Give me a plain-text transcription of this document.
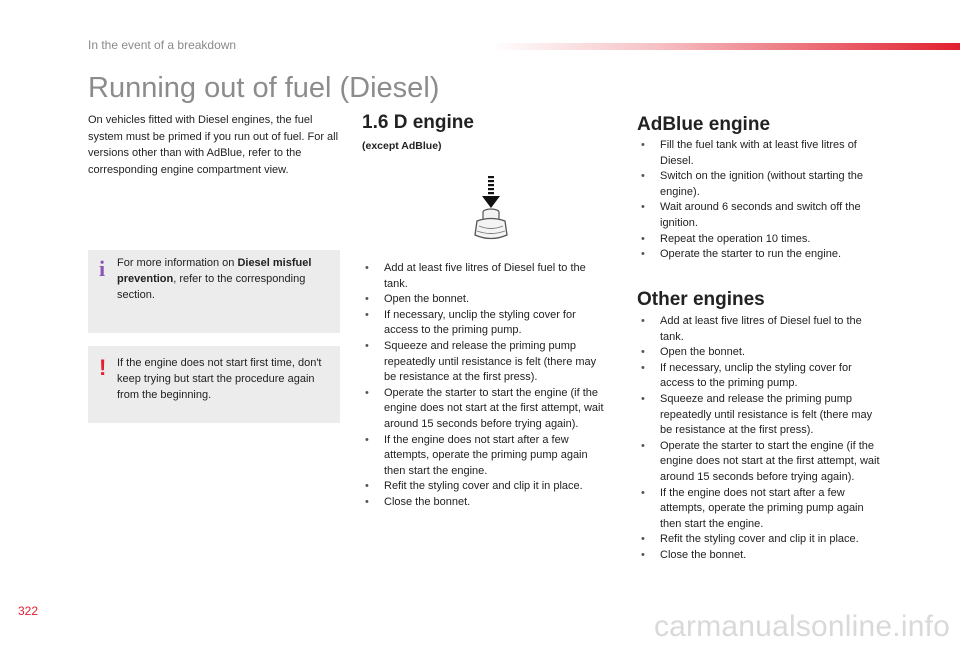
In the event of a breakdown
Running out of fuel (Diesel)
On vehicles fitted with Diesel engines, the fuel system must be primed if you run out of fuel. For all versions other than with AdBlue, refer to the corresponding engine compartment view.
i For more information on Diesel misfuel prevention, refer to the corresponding section.
! If the engine does not start first time, don't keep trying but start the procedure again from the beginning.
1.6 D engine
(except AdBlue)
• Add at least five litres of Diesel fuel to the tank.
• Open the bonnet.
• If necessary, unclip the styling cover for access to the priming pump.
• Squeeze and release the priming pump repeatedly until resistance is felt (there may be resistance at the first press).
• Operate the starter to start the engine (if the engine does not start at the first attempt, wait around 15 seconds before trying again).
• If the engine does not start after a few attempts, operate the priming pump again then start the engine.
• Refit the styling cover and clip it in place.
• Close the bonnet.
AdBlue engine
• Fill the fuel tank with at least five litres of Diesel.
• Switch on the ignition (without starting the engine).
• Wait around 6 seconds and switch off the ignition.
• Repeat the operation 10 times.
• Operate the starter to run the engine.
Other engines
• Add at least five litres of Diesel fuel to the tank.
• Open the bonnet.
• If necessary, unclip the styling cover for access to the priming pump.
• Squeeze and release the priming pump repeatedly until resistance is felt (there may be resistance at the first press).
• Operate the starter to start the engine (if the engine does not start at the first attempt, wait around 15 seconds before trying again).
• If the engine does not start after a few attempts, operate the priming pump again then start the engine.
• Refit the styling cover and clip it in place.
• Close the bonnet.
322	carmanualsonline.info
